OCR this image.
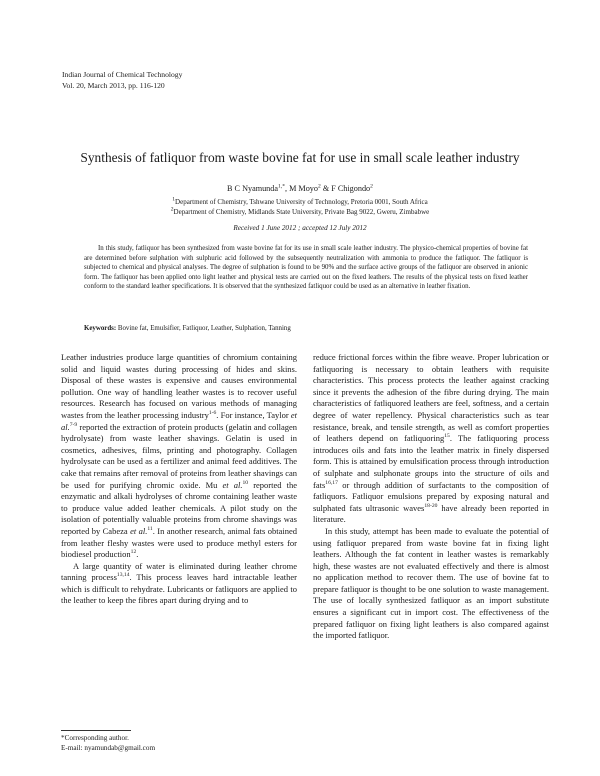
Indian Journal of Chemical Technology
Vol. 20, March 2013, pp. 116-120
Synthesis of fatliquor from waste bovine fat for use in small scale leather industry
B C Nyamunda$^{1,*}$, M Moyo$^2$ & F Chigondo$^2$
$^1$Department of Chemistry, Tshwane University of Technology, Pretoria 0001, South Africa
$^2$Department of Chemistry, Midlands State University, Private Bag 9022, Gweru, Zimbabwe
Received 1 June 2012 ; accepted 12 July 2012
In this study, fatliquor has been synthesized from waste bovine fat for its use in small scale leather industry. The physico-chemical properties of bovine fat are determined before sulphation with sulphuric acid followed by the subsequently neutralization with ammonia to produce the fatliquor. The fatliquor is subjected to chemical and physical analyses. The degree of sulphation is found to be 90% and the surface active groups of the fatliquor are observed in anionic form. The fatliquor has been applied onto light leather and physical tests are carried out on the fixed leathers. The results of the physical tests on fixed leather conform to the standard leather specifications. It is observed that the synthesized fatliquor could be used as an alternative in leather fixation.
Keywords: Bovine fat, Emulsifier, Fatliquor, Leather, Sulphation, Tanning

Leather industries produce large quantities of chromium containing solid and liquid wastes during processing of hides and skins. Disposal of these wastes is expensive and causes environmental pollution. One way of handling leather wastes is to recover useful resources. Research has focused on various methods of managing wastes from the leather processing industry$^{1-6}$. For instance, Taylor et al.$^{7-9}$ reported the extraction of protein products (gelatin and collagen hydrolysate) from waste leather shavings. Gelatin is used in cosmetics, adhesives, films, printing and photography. Collagen hydrolysate can be used as a fertilizer and animal feed additives. The cake that remains after removal of proteins from leather shavings can be used for purifying chromic oxide. Mu et al.$^{10}$ reported the enzymatic and alkali hydrolyses of chrome containing leather waste to produce value added leather chemicals. A pilot study on the isolation of potentially valuable proteins from chrome shavings was reported by Cabeza et al.$^{11}$. In another research, animal fats obtained from leather fleshy wastes were used to produce methyl esters for biodiesel production$^{12}$.

A large quantity of water is eliminated during leather chrome tanning process$^{13,14}$. This process leaves hard intractable leather which is difficult to rehydrate. Lubricants or fatliquors are applied to the leather to keep the fibres apart during drying and to

reduce frictional forces within the fibre weave. Proper lubrication or fatliquoring is necessary to obtain leathers with requisite characteristics. This process protects the leather against cracking since it prevents the adhesion of the fibre during drying. The main characteristics of fatliquored leathers are feel, softness, and a certain degree of water repellency. Physical characteristics such as tear resistance, break, and tensile strength, as well as comfort properties of leathers depend on fatliquoring$^{15}$. The fatliquoring process introduces oils and fats into the leather matrix in finely dispersed form. This is attained by emulsification process through introduction of sulphate and sulphonate groups into the structure of oils and fats$^{16,17}$ or through addition of surfactants to the composition of fatliquors. Fatliquor emulsions prepared by exposing natural and sulphated fats ultrasonic waves$^{18-20}$ have already been reported in literature.

In this study, attempt has been made to evaluate the potential of using fatliquor prepared from waste bovine fat in fixing light leathers. Although the fat content in leather wastes is remarkably high, these wastes are not evaluated effectively and there is almost no application method to recover them. The use of bovine fat to prepare fatliquor is thought to be one solution to waste management. The use of locally synthesized fatliquor as an import substitute ensures a significant cut in import cost. The effectiveness of the prepared fatliquor on fixing light leathers is also compared against the imported fatliquor.

*Corresponding author.
E-mail: nyamundab@gmail.com
